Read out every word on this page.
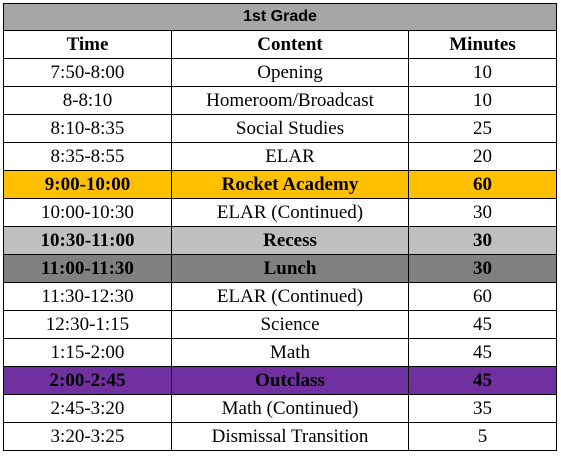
1st Grade		
Time	Content	Minutes
7:50-8:00	Opening	10
8-8:10	Homeroom/Broadcast	10
8:10-8:35	Social Studies	25
8:35-8:55	ELAR	20
9:00-10:00	Rocket Academy	60
10:00-10:30	ELAR (Continued)	30
10:30-11:00	Recess	30
11:00-11:30	Lunch	30
11:30-12:30	ELAR (Continued)	60
12:30-1:15	Science	45
1:15-2:00	Math	45
2:00-2:45	Outclass	45
2:45-3:20	Math (Continued)	35
3:20-3:25	Dismissal Transition	5
